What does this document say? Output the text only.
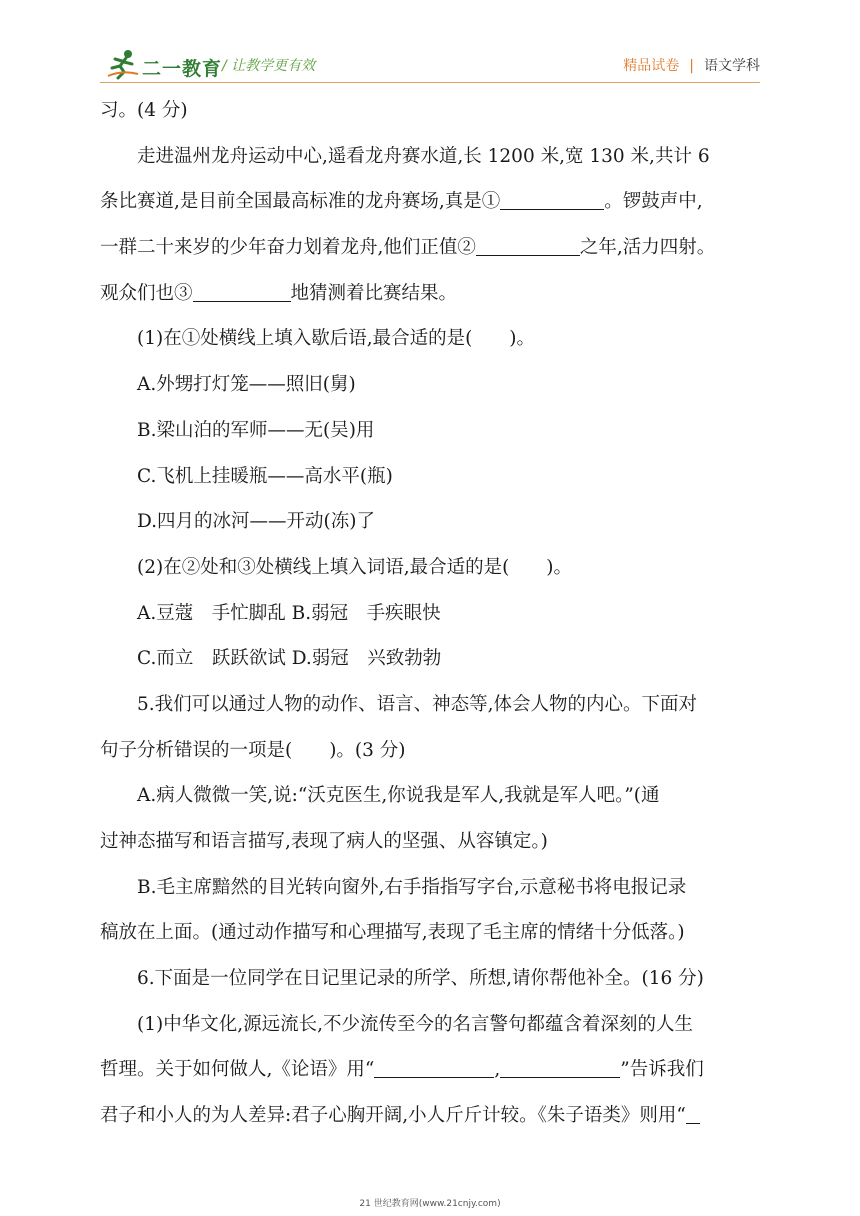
二一教育 / 让教学更有效	精品试卷 | 语文学科
习。(4 分)
走进温州龙舟运动中心,遥看龙舟赛水道,长 1200 米,宽 130 米,共计 6
条比赛道,是目前全国最高标准的龙舟赛场,真是①	。锣鼓声中,
一群二十来岁的少年奋力划着龙舟,他们正值②	之年,活力四射。
观众们也③	地猜测着比赛结果。
(1)在①处横线上填入歇后语,最合适的是(　　)。
A.外甥打灯笼——照旧(舅)
B.梁山泊的军师——无(吴)用
C.飞机上挂暖瓶——高水平(瓶)
D.四月的冰河——开动(冻)了
(2)在②处和③处横线上填入词语,最合适的是(　　)。
A.豆蔻　手忙脚乱 B.弱冠　手疾眼快
C.而立　跃跃欲试 D.弱冠　兴致勃勃
5.我们可以通过人物的动作、语言、神态等,体会人物的内心。下面对
句子分析错误的一项是(　　)。(3 分)
A.病人微微一笑,说:“沃克医生,你说我是军人,我就是军人吧。”(通
过神态描写和语言描写,表现了病人的坚强、从容镇定。)
B.毛主席黯然的目光转向窗外,右手指指写字台,示意秘书将电报记录
稿放在上面。(通过动作描写和心理描写,表现了毛主席的情绪十分低落。)
6.下面是一位同学在日记里记录的所学、所想,请你帮他补全。(16 分)
(1)中华文化,源远流长,不少流传至今的名言警句都蕴含着深刻的人生
哲理。关于如何做人,《论语》用“	,	”告诉我们
君子和小人的为人差异:君子心胸开阔,小人斤斤计较。《朱子语类》则用“
21 世纪教育网(www.21cnjy.com)
